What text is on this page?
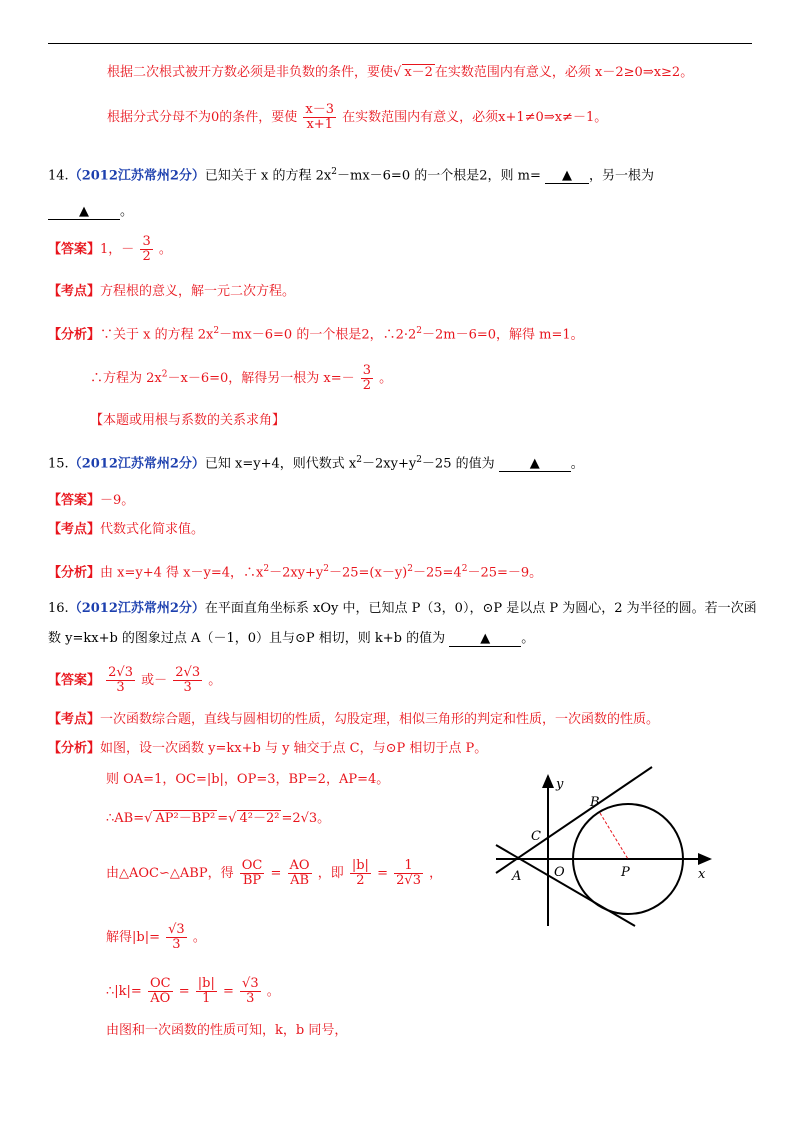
根据二次根式被开方数必须是非负数的条件，要使√ x－2 在实数范围内有意义，必须 x－2≥0⇒x≥2。
根据分式分母不为0的条件，要使 $\frac{x-3}{x+1}$ 在实数范围内有意义，必须x+1≠0⇒x≠－1。
14.（2012江苏常州2分）已知关于 x 的方程 $2x^2-mx-6=0$ 的一个根是2，则 m= ▲ ，另一根为
▲ 。
【答案】1，－ $\frac{3}{2}$ 。
【考点】方程根的意义，解一元二次方程。
【分析】∵关于 x 的方程 $2x^2-mx-6=0$ 的一个根是2，$\therefore 2\cdot 2^2-2m-6=0$，解得 m=1。
∴方程为 $2x^2-x-6=0$，解得另一根为 $x=- \frac{3}{2}$ 。
【本题或用根与系数的关系求角】
15.（2012江苏常州2分）已知 x=y+4，则代数式 $x^2-2xy+y^2-25$ 的值为	▲ 。
【答案】－9。
【考点】代数式化简求值。
【分析】由 x=y+4 得 x－y=4，$\therefore x^2-2xy+y^2-25=(x-y)^2-25=4^2-25=-9$。
16.（2012江苏常州2分）在平面直角坐标系 xOy 中，已知点 P（3，0），⊙P 是以点 P 为圆心，2 为半径的圆。若一次函
数 y=kx+b 的图象过点 A（－1，0）且与⊙P 相切，则 k+b 的值为	▲ 。
【答案】 $\frac{2√3}{3}$ 或－ $\frac{2√3}{3}$ 。
【考点】一次函数综合题，直线与圆相切的性质，勾股定理，相似三角形的判定和性质，一次函数的性质。
【分析】如图，设一次函数 y=kx+b 与 y 轴交于点 C，与⊙P 相切于点 P。
则 OA=1，OC=|b|，OP=3，BP=2，AP=4。
∴AB=√ AP²－BP² =√ 4²－2² =2√3。
由△AOC∽△ABP，得 $\frac{OC}{BP} = \frac{AO}{AB}$ ，即 $\frac{|b|}{2} = \frac{1}{2√3}$ ，
解得$|b|= \frac{√3}{3}$ 。
∴|k|= $\frac{OC}{AO} = \frac{|b|}{1} = \frac{√3}{3}$ 。
由图和一次函数的性质可知，k，b 同号，
y
x
B
C
A	O	P
